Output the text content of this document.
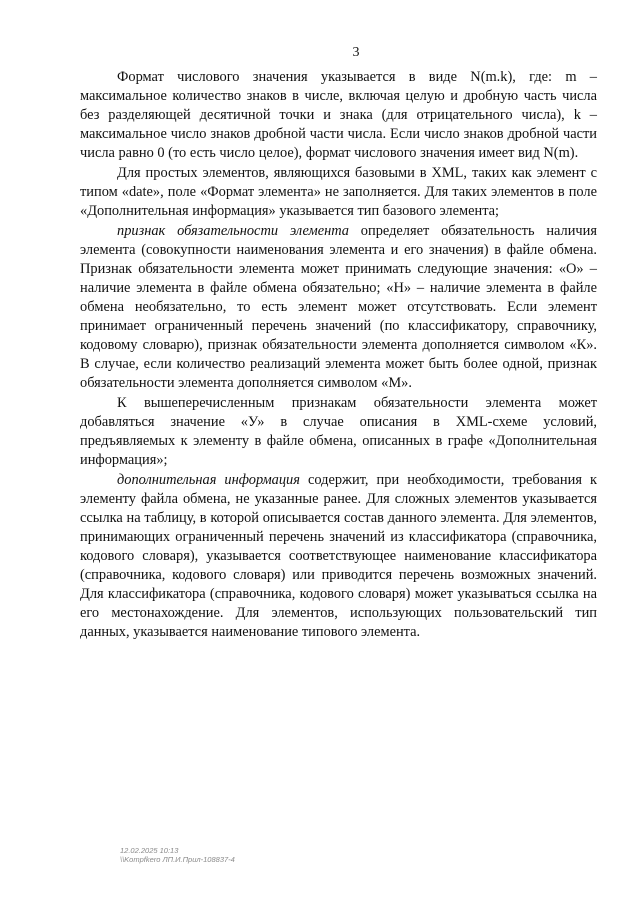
3

Формат числового значения указывается в виде N(m.k), где: m – максимальное количество знаков в числе, включая целую и дробную часть числа без разделяющей десятичной точки и знака (для отрицательного числа), k – максимальное число знаков дробной части числа. Если число знаков дробной части числа равно 0 (то есть число целое), формат числового значения имеет вид N(m).

Для простых элементов, являющихся базовыми в XML, таких как элемент с типом «date», поле «Формат элемента» не заполняется. Для таких элементов в поле «Дополнительная информация» указывается тип базового элемента;

признак обязательности элемента определяет обязательность наличия элемента (совокупности наименования элемента и его значения) в файле обмена. Признак обязательности элемента может принимать следующие значения: «О» – наличие элемента в файле обмена обязательно; «Н» – наличие элемента в файле обмена необязательно, то есть элемент может отсутствовать. Если элемент принимает ограниченный перечень значений (по классификатору, справочнику, кодовому словарю), признак обязательности элемента дополняется символом «К». В случае, если количество реализаций элемента может быть более одной, признак обязательности элемента дополняется символом «М».

К вышеперечисленным признакам обязательности элемента может добавляться значение «У» в случае описания в XML-схеме условий, предъявляемых к элементу в файле обмена, описанных в графе «Дополнительная информация»;

дополнительная информация содержит, при необходимости, требования к элементу файла обмена, не указанные ранее. Для сложных элементов указывается ссылка на таблицу, в которой описывается состав данного элемента. Для элементов, принимающих ограниченный перечень значений из классификатора (справочника, кодового словаря), указывается соответствующее наименование классификатора (справочника, кодового словаря) или приводится перечень возможных значений. Для классификатора (справочника, кодового словаря) может указываться ссылка на его местонахождение. Для элементов, использующих пользовательский тип данных, указывается наименование типового элемента.

12.02.2025 10:13
\\Kompfkero ЛП.И.Прил-108837-4
